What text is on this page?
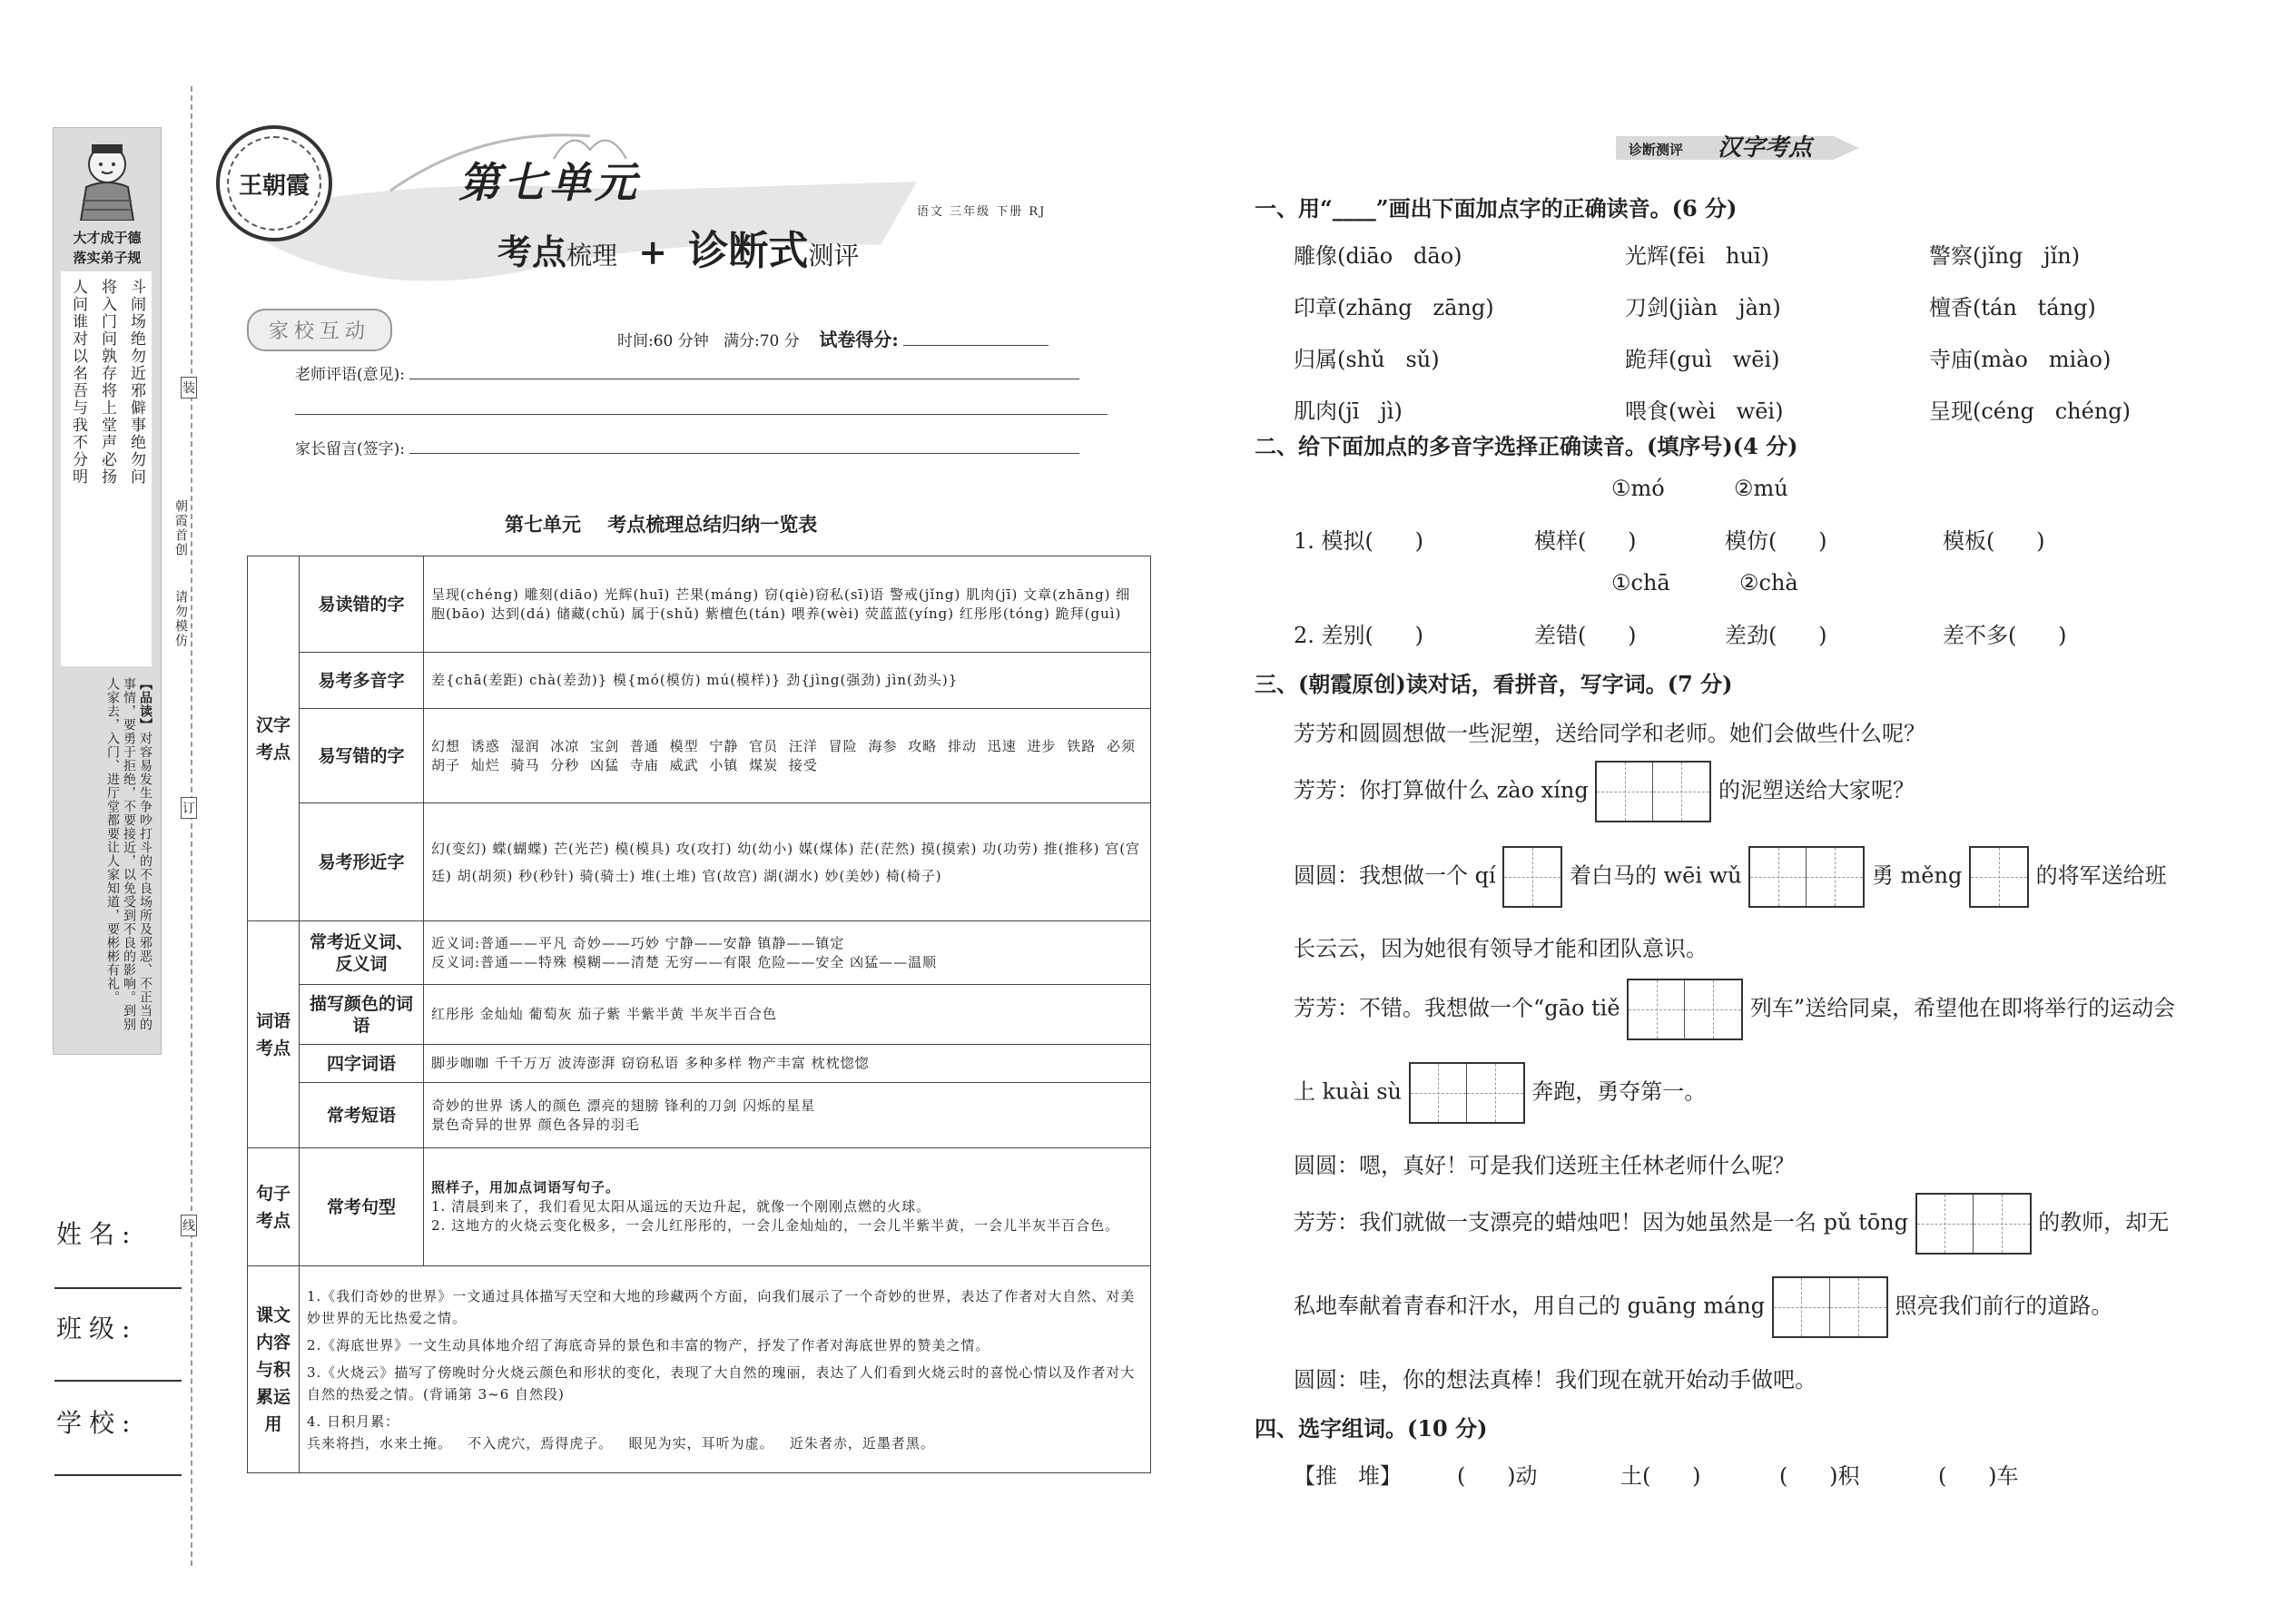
大才成于德
落实弟子规
斗闹场绝勿近邪僻事绝勿问
将入门问孰存将上堂声必扬
人问谁对以名吾与我不分明
【品读】对容易发生争吵打斗的不良场所及邪恶、不正当的事情，要勇于拒绝，不要接近，以免受到不良的影响。到别人家去，入门、进厅堂都要让人家知道，要彬彬有礼。
朝霞首创
请勿模仿
装
订
线
姓名:
班级:
学校:
王朝霞	第七单元
考点梳理 + 诊断式测评
语文 三年级 下册 RJ
家校互动	时间:60 分钟 满分:70 分 试卷得分:
老师评语(意见):
家长留言(签字):
第七单元    考点梳理总结归纳一览表
汉字考点	易读错的字	呈现(chéng) 雕刻(diāo) 光辉(huī) 芒果(máng) 窃(qiè)窃私(sī)语 警戒(jǐng) 肌肉(jī) 文章(zhāng) 细胞(bāo) 达到(dá) 储藏(chǔ) 属于(shǔ) 紫檀色(tán) 喂养(wèi) 荧蓝蓝(yíng) 红彤彤(tóng) 跪拜(guì)
	易考多音字	差{chā(差距) chà(差劲)} 模{mó(模仿) mú(模样)} 劲{jìng(强劲) jìn(劲头)}
	易写错的字	幻想 诱惑 湿润 冰凉 宝剑 普通 模型 宁静 官员 汪洋 冒险 海参 攻略 排动 迅速 进步 铁路 必须 胡子 灿烂 骑马 分秒 凶猛 寺庙 威武 小镇 煤炭 接受
	易考形近字	幻(变幻) 蝶(蝴蝶) 芒(光芒) 模(模具) 攻(攻打) 幼(幼小) 媒(煤体) 茫(茫然) 摸(摸索) 功(功劳) 推(推移) 宫(宫廷) 胡(胡须) 秒(秒针) 骑(骑士) 堆(土堆) 官(故宫) 湖(湖水) 妙(美妙) 椅(椅子)
词语考点	常考近义词、反义词	近义词:普通——平凡 奇妙——巧妙 宁静——安静 镇静——镇定
反义词:普通——特殊 模糊——清楚 无穷——有限 危险——安全 凶猛——温顺

	描写颜色的词语	红彤彤 金灿灿 葡萄灰 茄子紫 半紫半黄 半灰半百合色
	四字词语	脚步咖咖 千千万万 波涛澎湃 窃窃私语 多种多样 物产丰富 枕枕惚惚
	常考短语	奇妙的世界 诱人的颜色 漂亮的翅膀 锋利的刀剑 闪烁的星星
景色奇异的世界 颜色各异的羽毛

句子考点	常考句型	照样子，用加点词语写句子。
1. 清晨到来了，我们看见太阳从遥远的天边升起，就像一个刚刚点燃的火球。
2. 这地方的火烧云变化极多，一会儿红彤彤的，一会儿金灿灿的，一会儿半紫半黄，一会儿半灰半百合色。

课文内容与积累运用	1.《我们奇妙的世界》一文通过具体描写天空和大地的珍藏两个方面，向我们展示了一个奇妙的世界，表达了作者对大自然、对美妙世界的无比热爱之情。
2.《海底世界》一文生动具体地介绍了海底奇异的景色和丰富的物产，抒发了作者对海底世界的赞美之情。
3.《火烧云》描写了傍晚时分火烧云颜色和形状的变化，表现了大自然的瑰丽，表达了人们看到火烧云时的喜悦心情以及作者对大自然的热爱之情。(背诵第 3~6 自然段)
4. 日积月累：
兵来将挡，水来土掩。   不入虎穴，焉得虎子。   眼见为实，耳听为虚。   近朱者赤，近墨者黑。	
诊断测评 汉字考点
一、用“____”画出下面加点字的正确读音。(6 分)
雕像(diāo   dāo)	光辉(fēi   huī)	警察(jǐng   jǐn)
印章(zhāng   zāng)	刀剑(jiàn   jàn)	檀香(tán   táng)
归属(shǔ   sǔ)	跪拜(guì   wēi)	寺庙(mào   miào)
肌肉(jī   jì)	喂食(wèi   wēi)	呈现(céng   chéng)
二、给下面加点的多音字选择正确读音。(填序号)(4 分)
①mó          ②mú
1. 模拟(      )	模样(      )	模仿(      )	模板(      )
①chā          ②chà
2. 差别(      )	差错(      )	差劲(      )	差不多(      )
三、(朝霞原创)读对话，看拼音，写字词。(7 分)
芳芳和圆圆想做一些泥塑，送给同学和老师。她们会做些什么呢？
芳芳：你打算做什么 zào xíng	的泥塑送给大家呢？
圆圆：我想做一个 qí	着白马的 wēi wǔ	勇 měng	的将军送给班
长云云，因为她很有领导才能和团队意识。
芳芳：不错。我想做一个“gāo tiě	列车”送给同桌，希望他在即将举行的运动会
上 kuài sù	奔跑，勇夺第一。
圆圆：嗯，真好！可是我们送班主任林老师什么呢？
芳芳：我们就做一支漂亮的蜡烛吧！因为她虽然是一名 pǔ tōng	的教师，却无
私地奉献着青春和汗水，用自己的 guāng máng	照亮我们前行的道路。
圆圆：哇，你的想法真棒！我们现在就开始动手做吧。
四、选字组词。(10 分)
【推   堆】	(      )动	土(      )	(      )积	(      )车
